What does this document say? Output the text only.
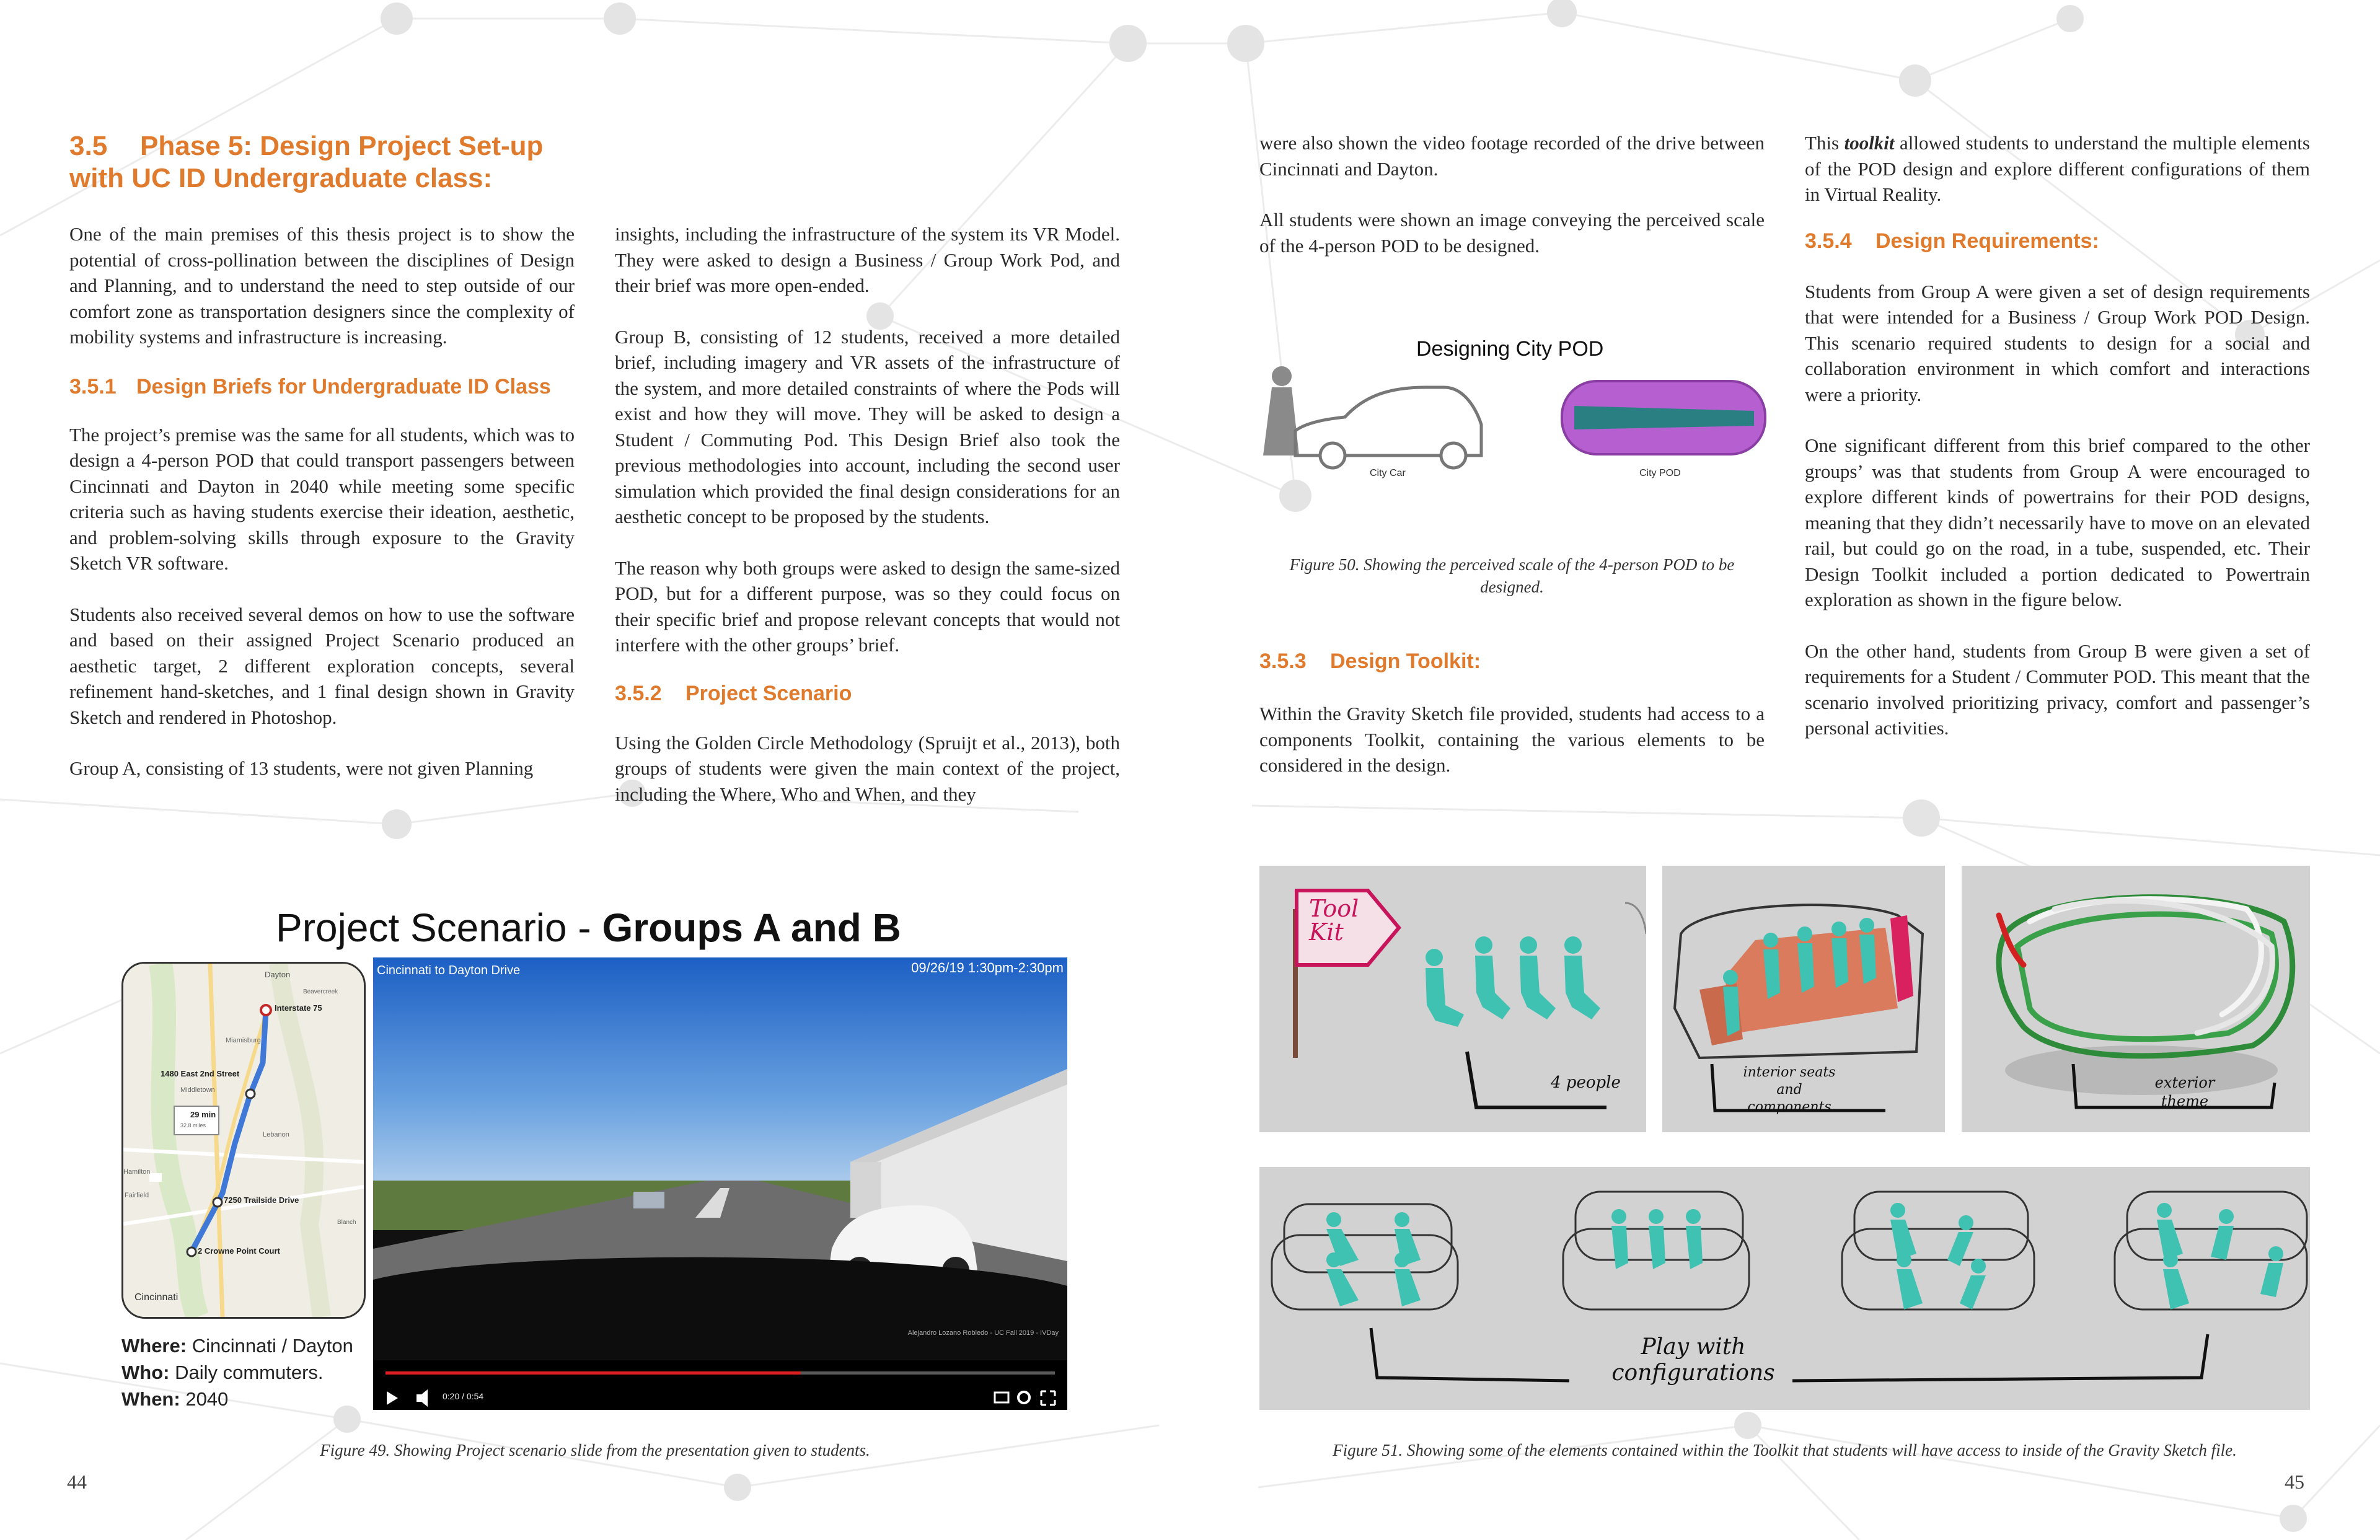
3.5 Phase 5: Design Project Set-up
with UC ID Undergraduate class:

One of the main premises of this thesis project is to show the potential of cross-pollination between the disciplines of Design and Planning, and to understand the need to step outside of our comfort zone as transportation designers since the complexity of mobility systems and infrastructure is increasing.

3.5.1 Design Briefs for Undergraduate ID Class

The project’s premise was the same for all students, which was to design a 4-person POD that could transport passengers between Cincinnati and Dayton in 2040 while meeting some specific criteria such as having students exercise their ideation, aesthetic, and problem-solving skills through exposure to the Gravity Sketch VR software.

Students also received several demos on how to use the software and based on their assigned Project Scenario produced an aesthetic target, 2 different exploration concepts, several refinement hand-sketches, and 1 final design shown in Gravity Sketch and rendered in Photoshop.

Group A, consisting of 13 students, were not given Planning

insights, including the infrastructure of the system its VR Model. They were asked to design a Business / Group Work Pod, and their brief was more open-ended.

Group B, consisting of 12 students, received a more detailed brief, including imagery and VR assets of the infrastructure of the system, and more detailed constraints of where the Pods will exist and how they will move. They will be asked to design a Student / Commuting Pod. This Design Brief also took the previous methodologies into account, including the second user simulation which provided the final design considerations for an aesthetic concept to be proposed by the students.

The reason why both groups were asked to design the same-sized POD, but for a different purpose, was so they could focus on their specific brief and propose relevant concepts that would not interfere with the other groups’ brief.

3.5.2 Project Scenario

Using the Golden Circle Methodology (Spruijt et al., 2013), both groups of students were given the main context of the project, including the Where, Who and When, and they

Project Scenario - Groups A and B
Dayton
Beavercreek
Interstate 75
Miamisburg
1480 East 2nd Street
Middletown
29 min
32.8 miles
Lebanon
Hamilton
Fairfield	7250 Trailside Drive
Blanch
2 Crowne Point Court
Cincinnati
Where: Cincinnati / Dayton
Who: Daily commuters.
When: 2040
Cincinnati to Dayton Drive	09/26/19 1:30pm-2:30pm
Alejandro Lozano Robledo - UC Fall 2019 - IVDay
0:20 / 0:54
Figure 49. Showing Project scenario slide from the presentation given to students.
44

were also shown the video footage recorded of the drive between Cincinnati and Dayton.

All students were shown an image conveying the perceived scale of the 4-person POD to be designed.

Designing City POD
City Car	City POD
Figure 50. Showing the perceived scale of the 4-person POD to be designed.
3.5.3 Design Toolkit:

Within the Gravity Sketch file provided, students had access to a components Toolkit, containing the various elements to be considered in the design.

This toolkit allowed students to understand the multiple elements of the POD design and explore different configurations of them in Virtual Reality.

3.5.4 Design Requirements:

Students from Group A were given a set of design requirements that were intended for a Business / Group Work POD Design. This scenario required students to design for a social and collaboration environment in which comfort and interactions were a priority.

One significant different from this brief compared to the other groups’ was that students from Group A were encouraged to explore different kinds of powertrains for their POD designs, meaning that they didn’t necessarily have to move on an elevated rail, but could go on the road, in a tube, suspended, etc. Their Design Toolkit included a portion dedicated to Powertrain exploration as shown in the figure below.

On the other hand, students from Group B were given a set of requirements for a Student / Commuter POD. This meant that the scenario involved prioritizing privacy, comfort and passenger’s personal activities.

Tool Kit
4 people
interior seats and components
exterior theme
Play with configurations
Figure 51. Showing some of the elements contained within the Toolkit that students will have access to inside of the Gravity Sketch file.
45
